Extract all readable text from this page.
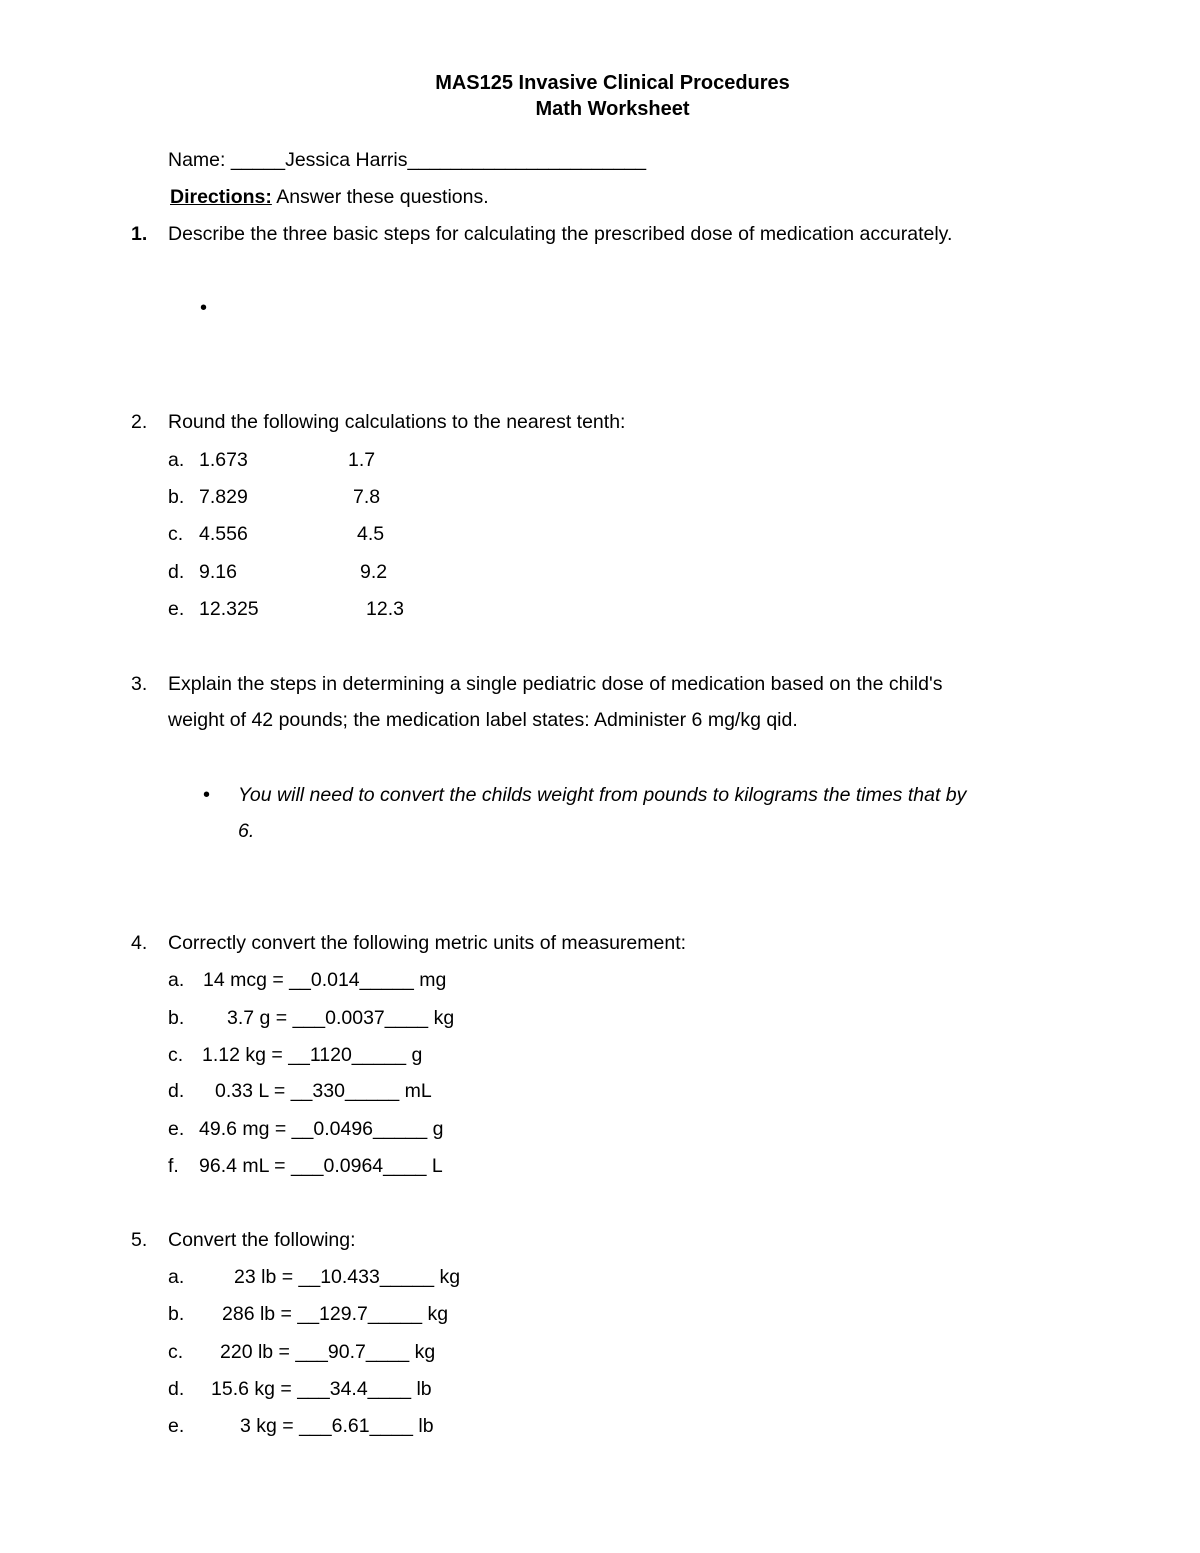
MAS125 Invasive Clinical Procedures
Math Worksheet
Name: _____Jessica Harris______________________
Directions: Answer these questions.
1. Describe the three basic steps for calculating the prescribed dose of medication accurately.
•
2. Round the following calculations to the nearest tenth:
a. 1.673	1.7
b. 7.829	7.8
c. 4.556	4.5
d. 9.16	9.2
e. 12.325	12.3
3. Explain the steps in determining a single pediatric dose of medication based on the child's
weight of 42 pounds; the medication label states: Administer 6 mg/kg qid.
• You will need to convert the childs weight from pounds to kilograms the times that by
6.
4. Correctly convert the following metric units of measurement:
a. 14 mcg = __0.014_____ mg
b. 3.7 g = ___0.0037____ kg
c. 1.12 kg = __1120_____ g
d. 0.33 L = __330_____ mL
e. 49.6 mg = __0.0496_____ g
f. 96.4 mL = ___0.0964____ L
5. Convert the following:
a.	23 lb = __10.433_____ kg
b. 286 lb = __129.7_____ kg
c. 220 lb = ___90.7____ kg
d. 15.6 kg = ___34.4____ lb
e.	3 kg = ___6.61____ lb
